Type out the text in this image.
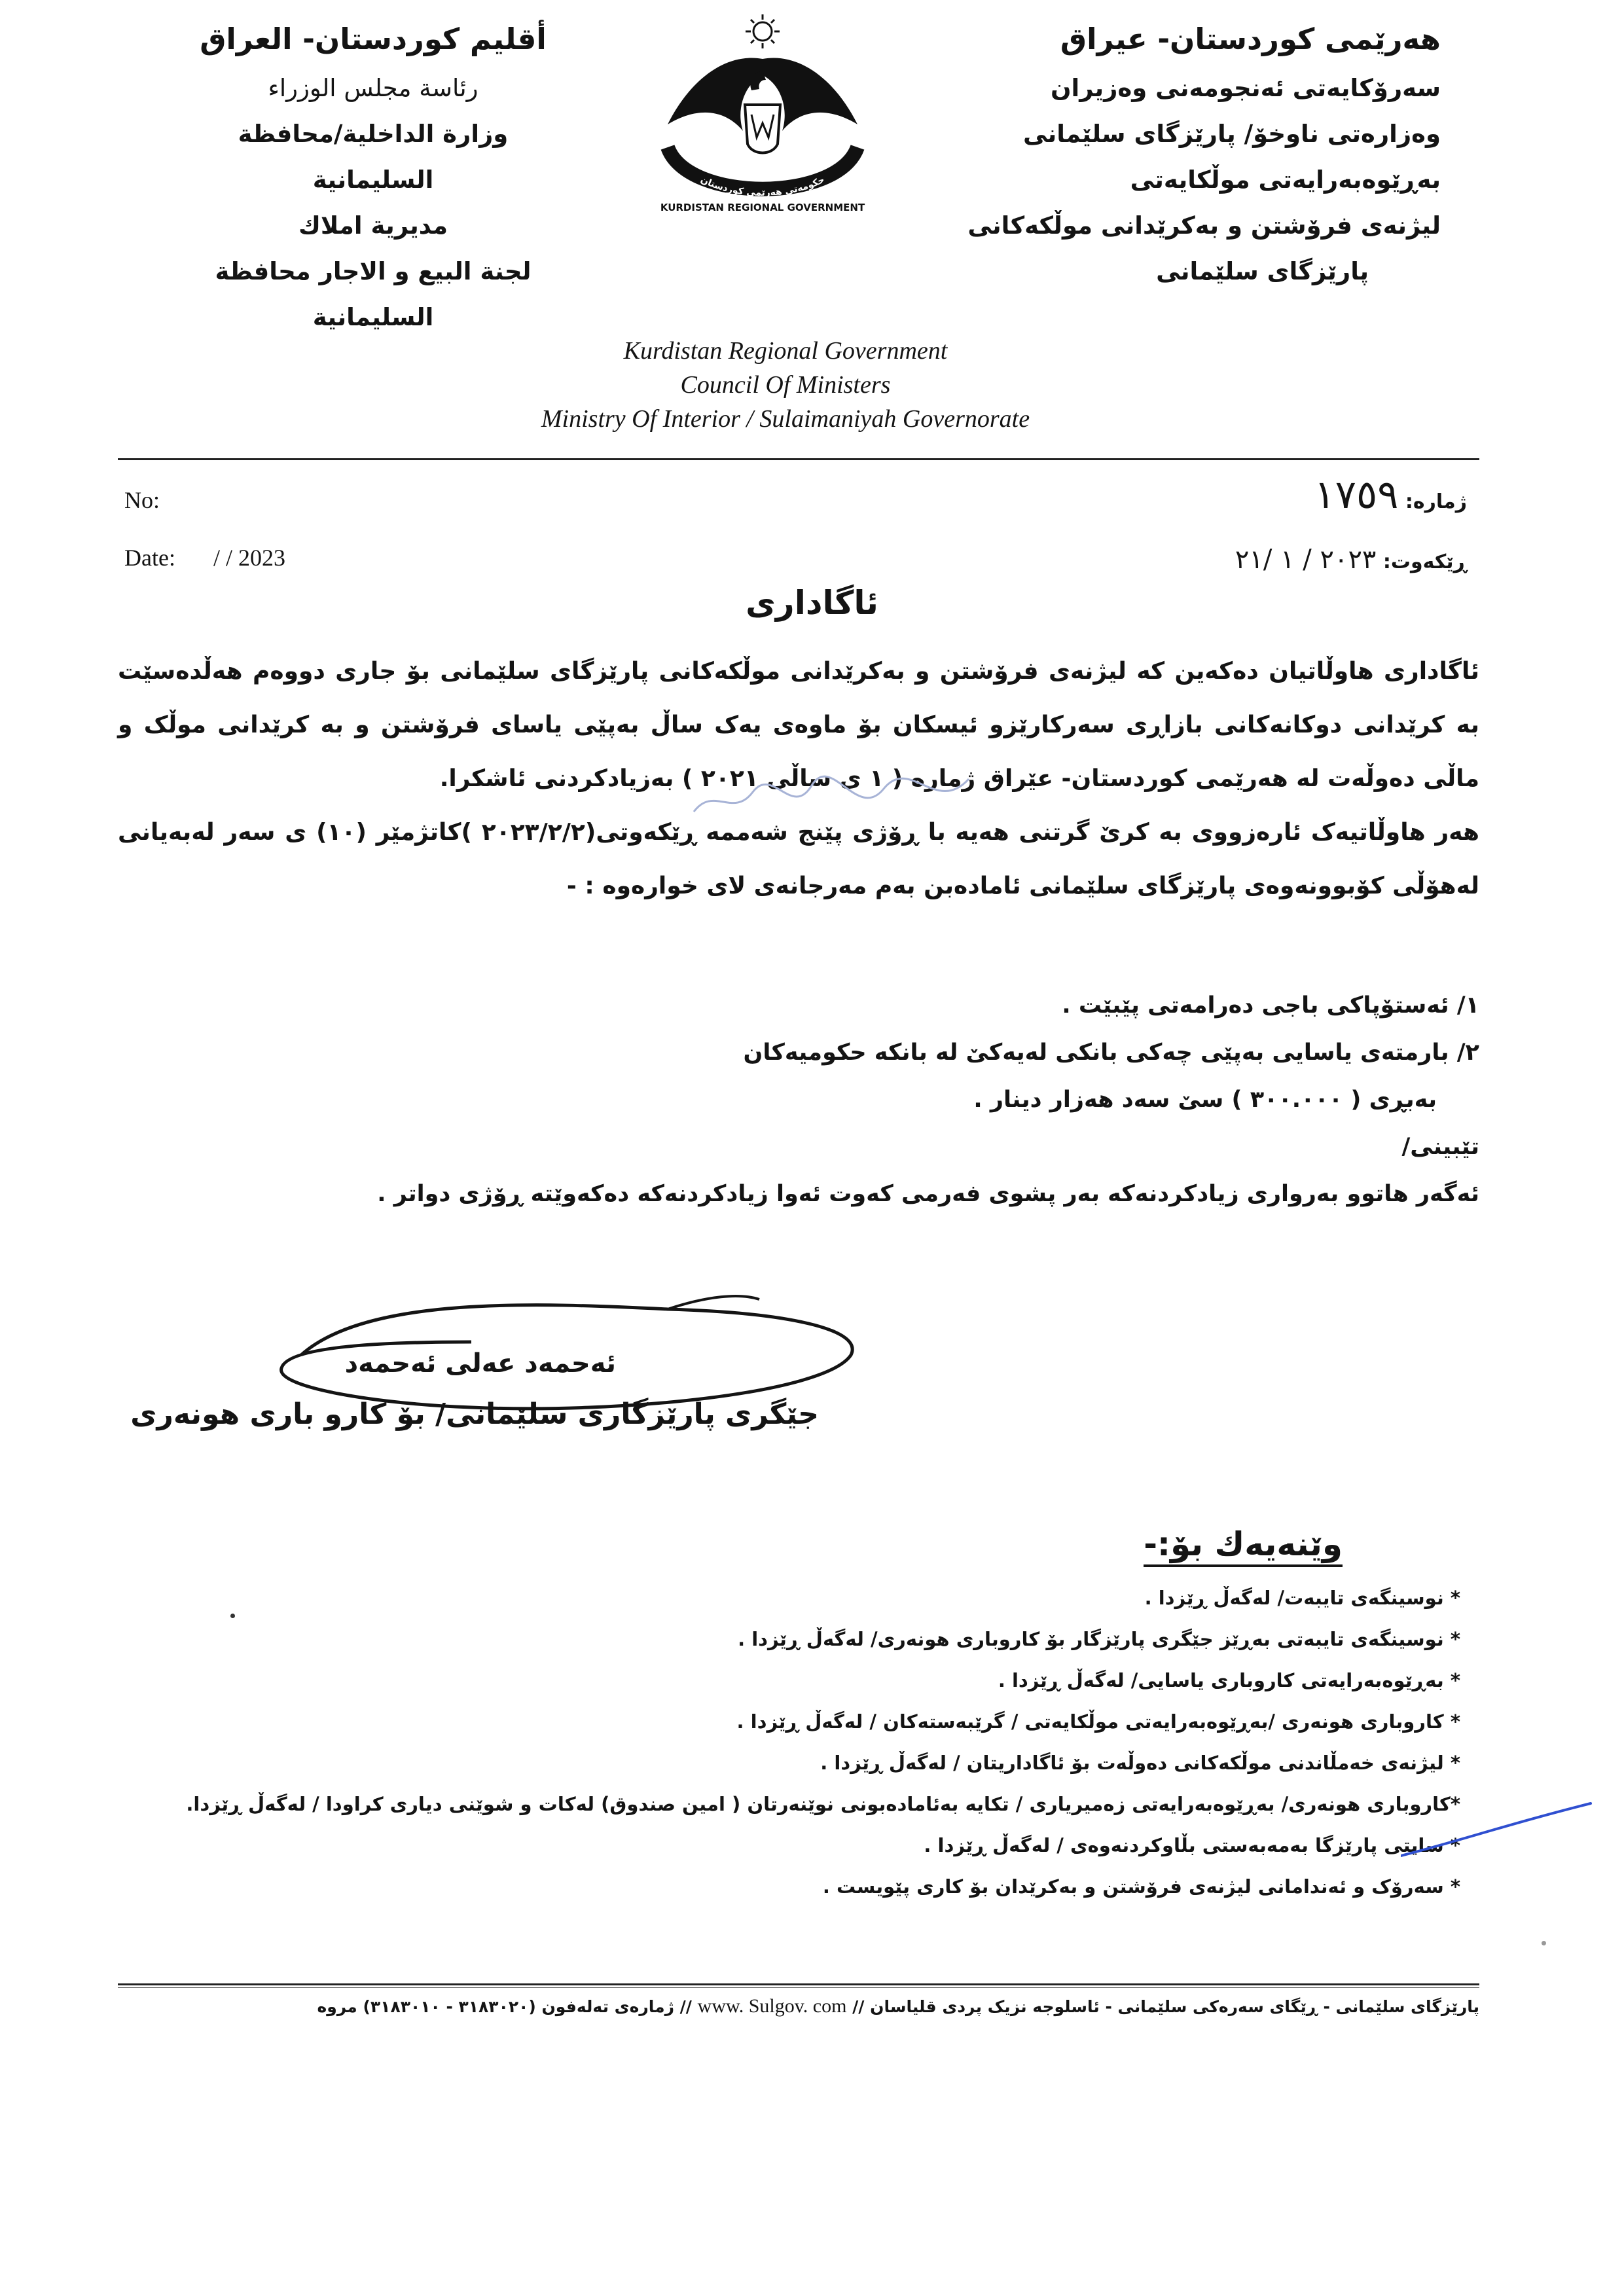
هەرێمی کوردستان- عیراق
سەرۆکایەتی ئەنجومەنی وەزیران
وەزارەتی ناوخۆ/ پارێزگای سلێمانی
بەڕێوەبەرایەتی موڵکایەتی
لیژنەی فرۆشتن و بەکرێدانی موڵکەکانی
پارێزگای سلێمانی
أقليم كوردستان- العراق
رئاسة مجلس الوزراء
وزارة الداخلية/محافظة السليمانية
مديرية املاك
لجنة البيع و الاجار محافظة السليمانية
حکومەتی هەرێمی کوردستان
KURDISTAN REGIONAL GOVERNMENT
Kurdistan Regional Government
Council Of Ministers
Ministry Of Interior / Sulaimaniyah Governorate
No:
Date: / / 2023
ژمارە: ١٧٥٩
ڕێکەوت: ٢٠٢٣ / ١ /٢١
ئاگاداری

ئاگاداری هاوڵاتیان دەکەین کە لیژنەی فرۆشتن و بەکرێدانی موڵکەکانی پارێزگای سلێمانی بۆ جاری دووەم هەڵدەسێت بە کرێدانی دوکانەکانی بازاڕی سەرکارێزو ئیسکان بۆ ماوەی یەک ساڵ بەپێی یاسای فرۆشتن و بە کرێدانی موڵک و ماڵی دەوڵەت لە هەرێمی کوردستان- عێراق ژمارە ( ١ ی ساڵی ٢٠٢١ ) بەزیادکردنی ئاشکرا.

هەر هاوڵاتیەک ئارەزووی بە کرێ گرتنی هەیە با ڕۆژی پێنج شەممە ڕێکەوتی(٢٠٢٣/٢/٢ )کاتژمێر (١٠) ی سەر لەبەیانی لەهۆڵی کۆبوونەوەی پارێزگای سلێمانی ئامادەبن بەم مەرجانەی لای خوارەوە : -

١/ ئەستۆپاکی باجی دەرامەتی پێبێت .

٢/ بارمتەی یاسایی بەپێی چەکی بانکی لەیەکێ لە بانکە حکومیەکان

بەبڕی ( ٣٠٠.٠٠٠ ) سێ سەد هەزار دینار .

تێبینی/

ئەگەر هاتوو بەرواری زیادکردنەکە بەر پشوی فەرمی کەوت ئەوا زیادکردنەکە دەکەوێتە ڕۆژی دواتر .

ئەحمەد عەلی ئەحمەد
جێگری پارێزگاری سلێمانی/ بۆ کارو باری هونەری
وێنەیەك بۆ:-
* نوسینگەی تایبەت/ لەگەڵ ڕێزدا .
* نوسینگەی تایبەتی بەڕێز جێگری پارێزگار بۆ کاروباری هونەری/ لەگەڵ ڕێزدا .
* بەڕێوەبەرایەتی کاروباری یاسایی/ لەگەڵ ڕێزدا .
* کاروباری هونەری /بەڕێوەبەرایەتی موڵکایەتی / گرێبەستەکان / لەگەڵ ڕێزدا .
* لیژنەی خەمڵاندنی موڵکەکانی دەوڵەت بۆ ئاگاداریتان / لەگەڵ ڕێزدا .
*کاروباری هونەری/ بەڕێوەبەرایەتی زەمیریاری / تکایە بەئامادەبونی نوێنەرتان ( امین صندوق) لەکات و شوێنی دیاری کراودا / لەگەڵ ڕێزدا.
* سایتی پارێزگا بەمەبەستی بڵاوکردنەوەی / لەگەڵ ڕێزدا .
* سەرۆک و ئەندامانی لیژنەی فرۆشتن و بەکرێدان بۆ کاری پێویست .
پارێزگای سلێمانی - ڕێگای سەرەکی سلێمانی - ئاسلوجە نزیک پردی قلیاسان // www. Sulgov. com // ژمارەی تەلەفون (٣١٨٣٠٢٠ - ٣١٨٣٠١٠) مروە
